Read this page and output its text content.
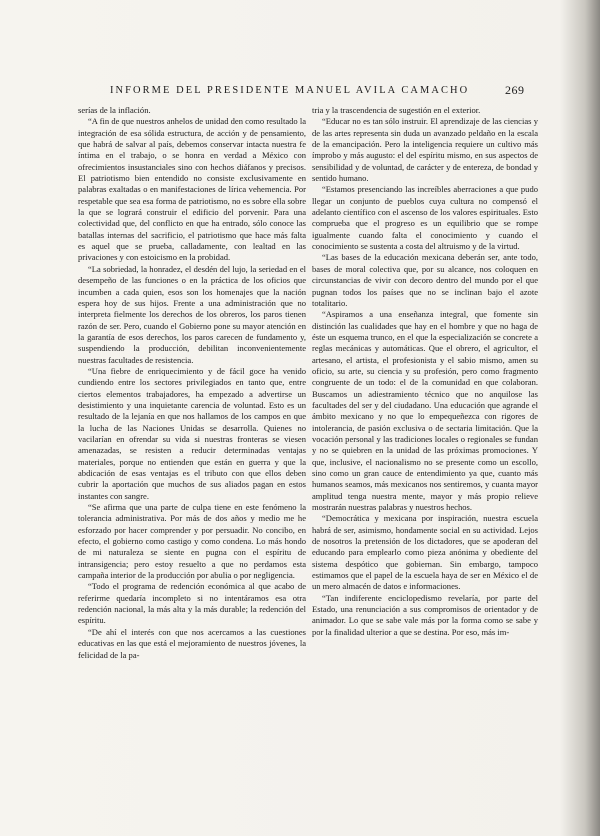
INFORME DEL PRESIDENTE MANUEL AVILA CAMACHO	269

serías de la inflación.

“A fin de que nuestros anhelos de unidad den como resultado la integración de esa sólida estructura, de acción y de pensamiento, que habrá de salvar al país, debemos conservar intacta nuestra fe íntima en el trabajo, o se honra en verdad a México con ofrecimientos insustanciales sino con hechos diáfanos y precisos. El patriotismo bien entendido no consiste exclusivamente en palabras exaltadas o en manifestaciones de lírica vehemencia. Por respetable que sea esa forma de patriotismo, no es sobre ella sobre la que se logrará construir el edificio del porvenir. Para una colectividad que, del conflicto en que ha entrado, sólo conoce las batallas internas del sacrificio, el patriotismo que hace más falta es aquel que se prueba, calladamente, con lealtad en las privaciones y con estoicismo en la probidad.

“La sobriedad, la honradez, el desdén del lujo, la seriedad en el desempeño de las funciones o en la práctica de los oficios que incumben a cada quien, esos son los homenajes que la nación espera hoy de sus hijos. Frente a una administración que no interpreta fielmente los derechos de los obreros, los paros tienen razón de ser. Pero, cuando el Gobierno pone su mayor atención en la garantía de esos derechos, los paros carecen de fundamento y, suspendiendo la producción, debilitan inconvenientemente nuestras facultades de resistencia.

“Una fiebre de enriquecimiento y de fácil goce ha venido cundiendo entre los sectores privilegiados en tanto que, entre ciertos elementos trabajadores, ha empezado a advertirse un desistimiento y una inquietante carencia de voluntad. Esto es un resultado de la lejanía en que nos hallamos de los campos en que la lucha de las Naciones Unidas se desarrolla. Quienes no vacilarían en ofrendar su vida si nuestras fronteras se viesen amenazadas, se resisten a reducir determinadas ventajas materiales, porque no entienden que están en guerra y que la abdicación de esas ventajas es el tributo con que ellos deben cubrir la aportación que muchos de sus aliados pagan en estos instantes con sangre.

“Se afirma que una parte de culpa tiene en este fenómeno la tolerancia administrativa. Por más de dos años y medio me he esforzado por hacer comprender y por persuadir. No concibo, en efecto, el gobierno como castigo y como condena. Lo más hondo de mi naturaleza se siente en pugna con el espíritu de intransigencia; pero estoy resuelto a que no perdamos esta campaña interior de la producción por abulia o por negligencia.

“Todo el programa de redención económica al que acabo de referirme quedaría incompleto si no intentáramos esa otra redención nacional, la más alta y la más durable; la redención del espíritu.

“De ahí el interés con que nos acercamos a las cuestiones educativas en las que está el mejoramiento de nuestros jóvenes, la felicidad de la pa-

tria y la trascendencia de sugestión en el exterior.

“Educar no es tan sólo instruir. El aprendizaje de las ciencias y de las artes representa sin duda un avanzado peldaño en la escala de la emancipación. Pero la inteligencia requiere un cultivo más ímprobo y más augusto: el del espíritu mismo, en sus aspectos de sensibilidad y de voluntad, de carácter y de entereza, de bondad y sentido humano.

“Estamos presenciando las increíbles aberraciones a que pudo llegar un conjunto de pueblos cuya cultura no compensó el adelanto científico con el ascenso de los valores espirituales. Esto comprueba que el progreso es un equilibrio que se rompe igualmente cuando falta el conocimiento y cuando el conocimiento se sustenta a costa del altruismo y de la virtud.

“Las bases de la educación mexicana deberán ser, ante todo, bases de moral colectiva que, por su alcance, nos coloquen en circunstancias de vivir con decoro dentro del mundo por el que pugnan todos los países que no se inclinan bajo el azote totalitario.

“Aspiramos a una enseñanza integral, que fomente sin distinción las cualidades que hay en el hombre y que no haga de éste un esquema trunco, en el que la especialización se concrete a reglas mecánicas y automáticas. Que el obrero, el agricultor, el artesano, el artista, el profesionista y el sabio mismo, amen su oficio, su arte, su ciencia y su profesión, pero como fragmento congruente de un todo: el de la comunidad en que colaboran. Buscamos un adiestramiento técnico que no anquilose las facultades del ser y del ciudadano. Una educación que agrande el ámbito mexicano y no que lo empequeñezca con rigores de intolerancia, de pasión exclusiva o de sectaria limitación. Que la vocación personal y las tradiciones locales o regionales se fundan y no se quiebren en la unidad de las próximas promociones. Y que, inclusive, el nacionalismo no se presente como un escollo, sino como un gran cauce de entendimiento ya que, cuanto más humanos seamos, más mexicanos nos sentiremos, y cuanta mayor amplitud tenga nuestra mente, mayor y más propio relieve mostrarán nuestras palabras y nuestros hechos.

“Democrática y mexicana por inspiración, nuestra escuela habrá de ser, asimismo, hondamente social en su actividad. Lejos de nosotros la pretensión de los dictadores, que se apoderan del educando para emplearlo como pieza anónima y obediente del sistema despótico que gobiernan. Sin embargo, tampoco estimamos que el papel de la escuela haya de ser en México el de un mero almacén de datos e informaciones.

“Tan indiferente enciclopedismo revelaría, por parte del Estado, una renunciación a sus compromisos de orientador y de animador. Lo que se sabe vale más por la forma como se sabe y por la finalidad ulterior a que se destina. Por eso, más im-
